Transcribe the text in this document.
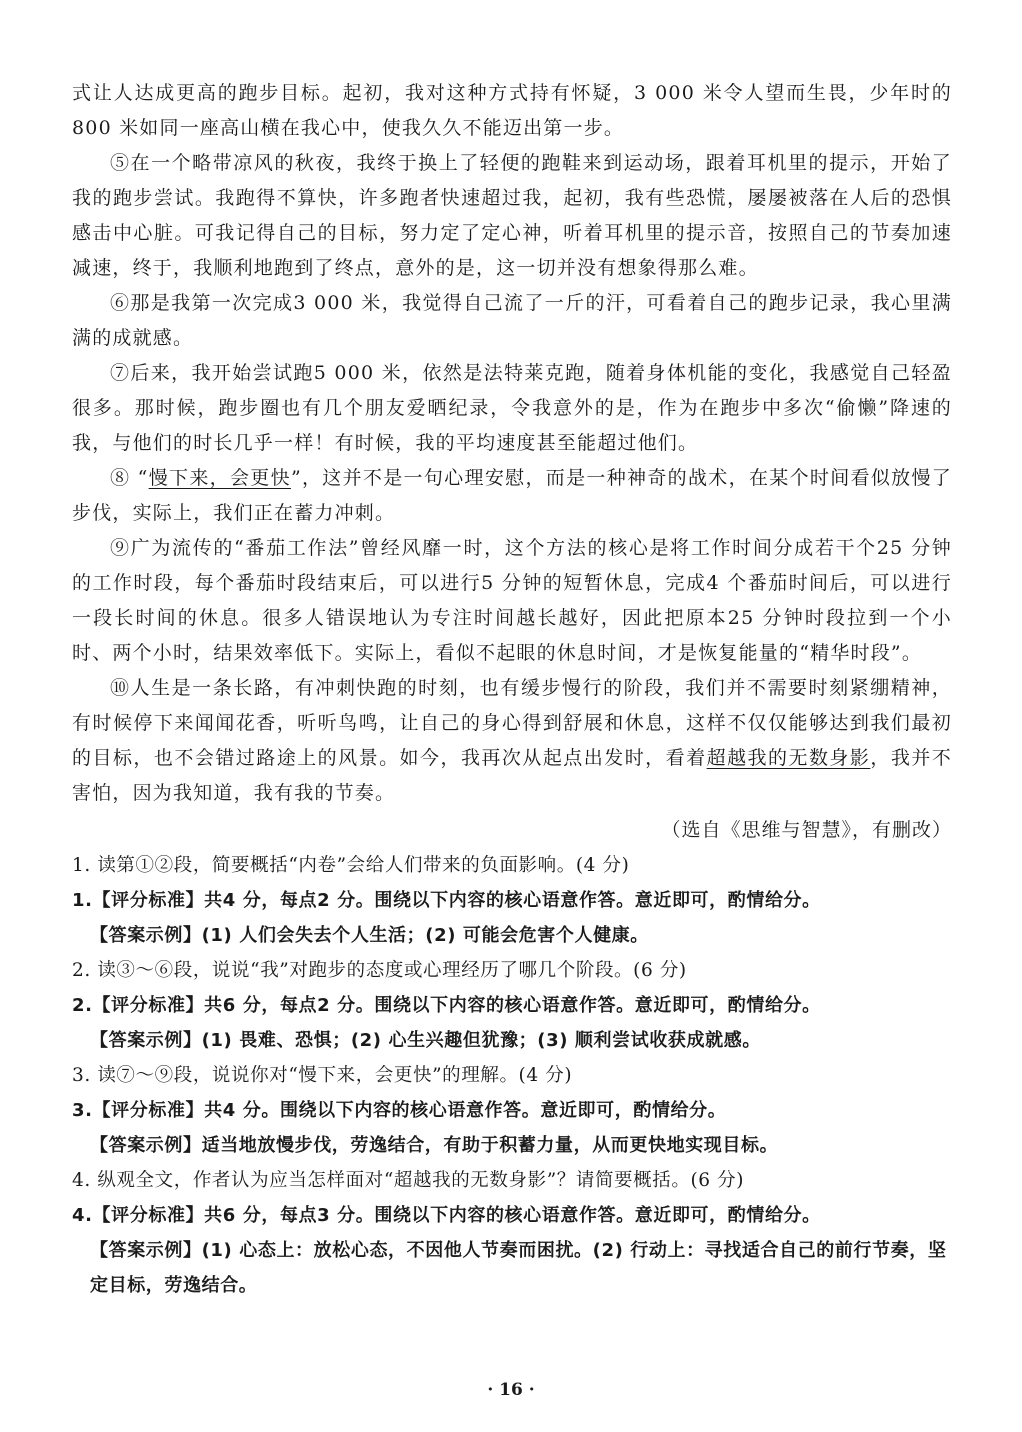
式让人达成更高的跑步目标。起初，我对这种方式持有怀疑，3 000 米令人望而生畏，少年时的800 米如同一座高山横在我心中，使我久久不能迈出第一步。

⑤在一个略带凉风的秋夜，我终于换上了轻便的跑鞋来到运动场，跟着耳机里的提示，开始了我的跑步尝试。我跑得不算快，许多跑者快速超过我，起初，我有些恐慌，屡屡被落在人后的恐惧感击中心脏。可我记得自己的目标，努力定了定心神，听着耳机里的提示音，按照自己的节奏加速减速，终于，我顺利地跑到了终点，意外的是，这一切并没有想象得那么难。

⑥那是我第一次完成3 000 米，我觉得自己流了一斤的汗，可看着自己的跑步记录，我心里满满的成就感。

⑦后来，我开始尝试跑5 000 米，依然是法特莱克跑，随着身体机能的变化，我感觉自己轻盈很多。那时候，跑步圈也有几个朋友爱晒纪录，令我意外的是，作为在跑步中多次“偷懒”降速的我，与他们的时长几乎一样！有时候，我的平均速度甚至能超过他们。

⑧ “慢下来，会更快”，这并不是一句心理安慰，而是一种神奇的战术，在某个时间看似放慢了步伐，实际上，我们正在蓄力冲刺。

⑨广为流传的“番茄工作法”曾经风靡一时，这个方法的核心是将工作时间分成若干个25 分钟的工作时段，每个番茄时段结束后，可以进行5 分钟的短暂休息，完成4 个番茄时间后，可以进行一段长时间的休息。很多人错误地认为专注时间越长越好，因此把原本25 分钟时段拉到一个小时、两个小时，结果效率低下。实际上，看似不起眼的休息时间，才是恢复能量的“精华时段”。

⑩人生是一条长路，有冲刺快跑的时刻，也有缓步慢行的阶段，我们并不需要时刻紧绷精神，有时候停下来闻闻花香，听听鸟鸣，让自己的身心得到舒展和休息，这样不仅仅能够达到我们最初的目标，也不会错过路途上的风景。如今，我再次从起点出发时，看着超越我的无数身影，我并不害怕，因为我知道，我有我的节奏。

（选自《思维与智慧》，有删改）

1. 读第①②段，简要概括“内卷”会给人们带来的负面影响。(4 分)

1.【评分标准】共4 分，每点2 分。围绕以下内容的核心语意作答。意近即可，酌情给分。

【答案示例】(1) 人们会失去个人生活；(2) 可能会危害个人健康。

2. 读③～⑥段，说说“我”对跑步的态度或心理经历了哪几个阶段。(6 分)

2.【评分标准】共6 分，每点2 分。围绕以下内容的核心语意作答。意近即可，酌情给分。

【答案示例】(1) 畏难、恐惧；(2) 心生兴趣但犹豫；(3) 顺利尝试收获成就感。

3. 读⑦～⑨段，说说你对“慢下来，会更快”的理解。(4 分)

3.【评分标准】共4 分。围绕以下内容的核心语意作答。意近即可，酌情给分。

【答案示例】适当地放慢步伐，劳逸结合，有助于积蓄力量，从而更快地实现目标。

4. 纵观全文，作者认为应当怎样面对“超越我的无数身影”？请简要概括。(6 分)

4.【评分标准】共6 分，每点3 分。围绕以下内容的核心语意作答。意近即可，酌情给分。

【答案示例】(1) 心态上：放松心态，不因他人节奏而困扰。(2) 行动上：寻找适合自己的前行节奏，坚定目标，劳逸结合。

· 16 ·
